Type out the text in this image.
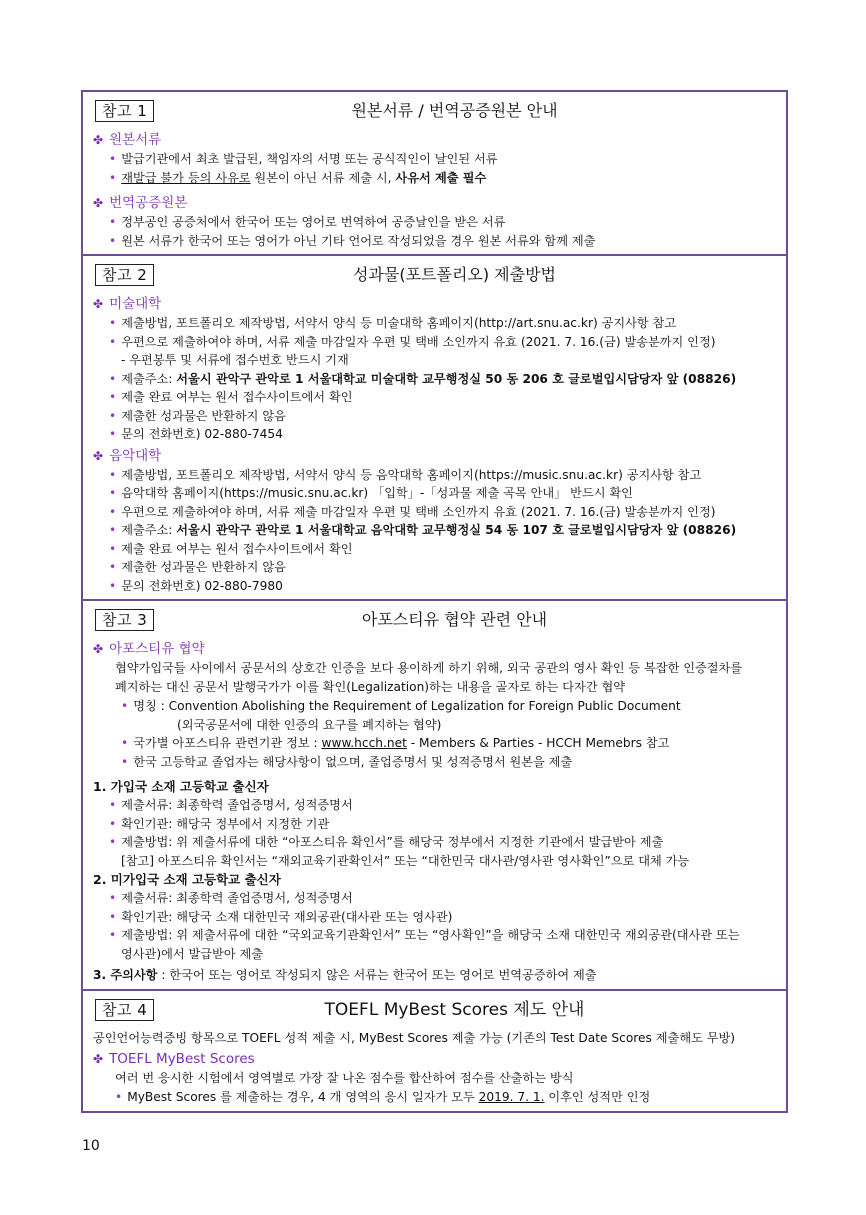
참고 1	원본서류 / 번역공증원본 안내
✤ 원본서류
• 발급기관에서 최초 발급된, 책임자의 서명 또는 공식직인이 날인된 서류
• 재발급 불가 등의 사유로 원본이 아닌 서류 제출 시, 사유서 제출 필수
✤ 번역공증원본
• 정부공인 공증처에서 한국어 또는 영어로 번역하여 공증날인을 받은 서류
• 원본 서류가 한국어 또는 영어가 아닌 기타 언어로 작성되었을 경우 원본 서류와 함께 제출
참고 2	성과물(포트폴리오) 제출방법
✤ 미술대학
• 제출방법, 포트폴리오 제작방법, 서약서 양식 등 미술대학 홈페이지(http://art.snu.ac.kr) 공지사항 참고
• 우편으로 제출하여야 하며, 서류 제출 마감일자 우편 및 택배 소인까지 유효 (2021. 7. 16.(금) 발송분까지 인정)
- 우편봉투 및 서류에 접수번호 반드시 기재
• 제출주소: 서울시 관악구 관악로 1 서울대학교 미술대학 교무행정실 50 동 206 호 글로벌입시담당자 앞 (08826)
• 제출 완료 여부는 원서 접수사이트에서 확인
• 제출한 성과물은 반환하지 않음
• 문의 전화번호) 02-880-7454
✤ 음악대학
• 제출방법, 포트폴리오 제작방법, 서약서 양식 등 음악대학 홈페이지(https://music.snu.ac.kr) 공지사항 참고
• 음악대학 홈페이지(https://music.snu.ac.kr) 「입학」-「성과물 제출 곡목 안내」 반드시 확인
• 우편으로 제출하여야 하며, 서류 제출 마감일자 우편 및 택배 소인까지 유효 (2021. 7. 16.(금) 발송분까지 인정)
• 제출주소: 서울시 관악구 관악로 1 서울대학교 음악대학 교무행정실 54 동 107 호 글로벌입시담당자 앞 (08826)
• 제출 완료 여부는 원서 접수사이트에서 확인
• 제출한 성과물은 반환하지 않음
• 문의 전화번호) 02-880-7980
참고 3	아포스티유 협약 관련 안내
✤ 아포스티유 협약
협약가입국들 사이에서 공문서의 상호간 인증을 보다 용이하게 하기 위해, 외국 공관의 영사 확인 등 복잡한 인증절차를
폐지하는 대신 공문서 발행국가가 이를 확인(Legalization)하는 내용을 골자로 하는 다자간 협약
• 명칭 : Convention Abolishing the Requirement of Legalization for Foreign Public Document
(외국공문서에 대한 인증의 요구를 폐지하는 협약)
• 국가별 아포스티유 관련기관 정보 : www.hcch.net - Members & Parties - HCCH Memebrs 참고
• 한국 고등학교 졸업자는 해당사항이 없으며, 졸업증명서 및 성적증명서 원본을 제출
1. 가입국 소재 고등학교 출신자
• 제출서류: 최종학력 졸업증명서, 성적증명서
• 확인기관: 해당국 정부에서 지정한 기관
• 제출방법: 위 제출서류에 대한 “아포스티유 확인서”를 해당국 정부에서 지정한 기관에서 발급받아 제출
[참고] 아포스티유 확인서는 “재외교육기관확인서” 또는 “대한민국 대사관/영사관 영사확인”으로 대체 가능
2. 미가입국 소재 고등학교 출신자
• 제출서류: 최종학력 졸업증명서, 성적증명서
• 확인기관: 해당국 소재 대한민국 재외공관(대사관 또는 영사관)
• 제출방법: 위 제출서류에 대한 “국외교육기관확인서” 또는 “영사확인”을 해당국 소재 대한민국 재외공관(대사관 또는
영사관)에서 발급받아 제출
3. 주의사항 : 한국어 또는 영어로 작성되지 않은 서류는 한국어 또는 영어로 번역공증하여 제출
참고 4	TOEFL MyBest Scores 제도 안내
공인언어능력증빙 항목으로 TOEFL 성적 제출 시, MyBest Scores 제출 가능 (기존의 Test Date Scores 제출해도 무방)
✤ TOEFL MyBest Scores
여러 번 응시한 시험에서 영역별로 가장 잘 나온 점수를 합산하여 점수를 산출하는 방식
• MyBest Scores 를 제출하는 경우, 4 개 영역의 응시 일자가 모두 2019. 7. 1. 이후인 성적만 인정
10
